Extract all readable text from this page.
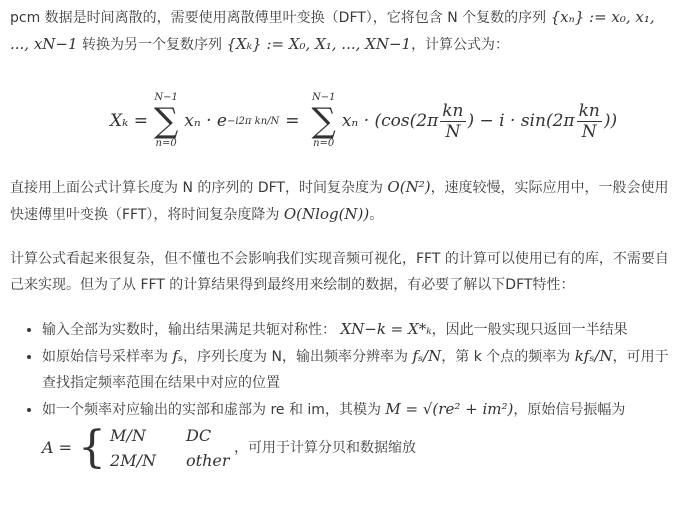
pcm 数据是时间离散的，需要使用离散傅里叶变换（DFT），它将包含 N 个复数的序列 {xₙ} := x₀, x₁, ..., xN−1 转换为另一个复数序列 {Xₖ} := X₀, X₁, ..., XN−1，计算公式为：

Xₖ =
N−1
∑
n=0
xₙ · e −i2π kn/N =
N−1
∑
n=0
$x_n \cdot (\cos(2\pi \frac{kn}{N}$ ) − $i \cdot \sin(2\pi \frac{kn}{N}$ ))

直接用上面公式计算长度为 N 的序列的 DFT，时间复杂度为 O(N²)，速度较慢，实际应用中，一般会使用快速傅里叶变换（FFT），将时间复杂度降为 O(Nlog(N))。

计算公式看起来很复杂，但不懂也不会影响我们实现音频可视化，FFT 的计算可以使用已有的库，不需要自己来实现。但为了从 FFT 的计算结果得到最终用来绘制的数据，有必要了解以下DFT特性：

• 输入全部为实数时，输出结果满足共轭对称性： XN−k = X*ₖ，因此一般实现只返回一半结果
• 如原始信号采样率为 fₛ，序列长度为 N，输出频率分辨率为 fₛ/N，第 k 个点的频率为 kfₛ/N，可用于查找指定频率范围在结果中对应的位置
• 如一个频率对应输出的实部和虚部为 re 和 im，其模为 M = √(re² + im²)，原始信号振幅为

A = { M/N	DC
2M/N other
，可用于计算分贝和数据缩放
